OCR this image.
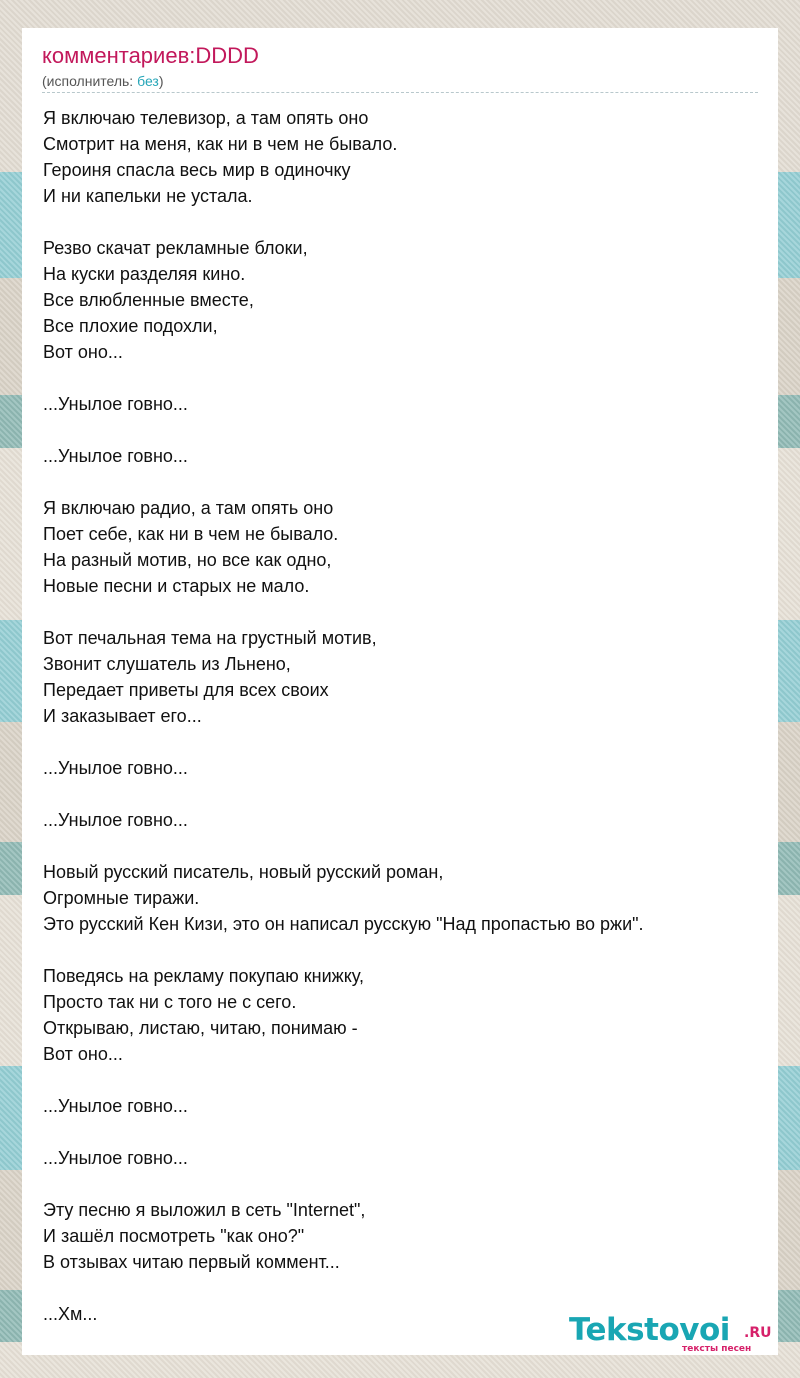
комментариев:DDDD
(исполнитель: без)
Я включаю телевизор, а там опять оно
Смотрит на меня, как ни в чем не бывало.
Героиня спасла весь мир в одиночку
И ни капельки не устала.
Резво скачат рекламные блоки,
На куски разделяя кино.
Все влюбленные вместе,
Все плохие подохли,
Вот оно...
...Унылое говно...
...Унылое говно...
Я включаю радио, а там опять оно
Поет себе, как ни в чем не бывало.
На разный мотив, но все как одно,
Новые песни и старых не мало.
Вот печальная тема на грустный мотив,
Звонит слушатель из Льнено,
Передает приветы для всех своих
И заказывает его...
...Унылое говно...
...Унылое говно...
Новый русский писатель, новый русский роман,
Огромные тиражи.
Это русский Кен Кизи, это он написал русскую "Над пропастью во ржи".
Поведясь на рекламу покупаю книжку,
Просто так ни с того не с сего.
Открываю, листаю, читаю, понимаю -
Вот оно...
...Унылое говно...
...Унылое говно...
Эту песню я выложил в сеть "Internet",
И зашёл посмотреть "как оно?"
В отзывах читаю первый коммент...
...Хм...	Tekstovoi .RU
тексты песен
